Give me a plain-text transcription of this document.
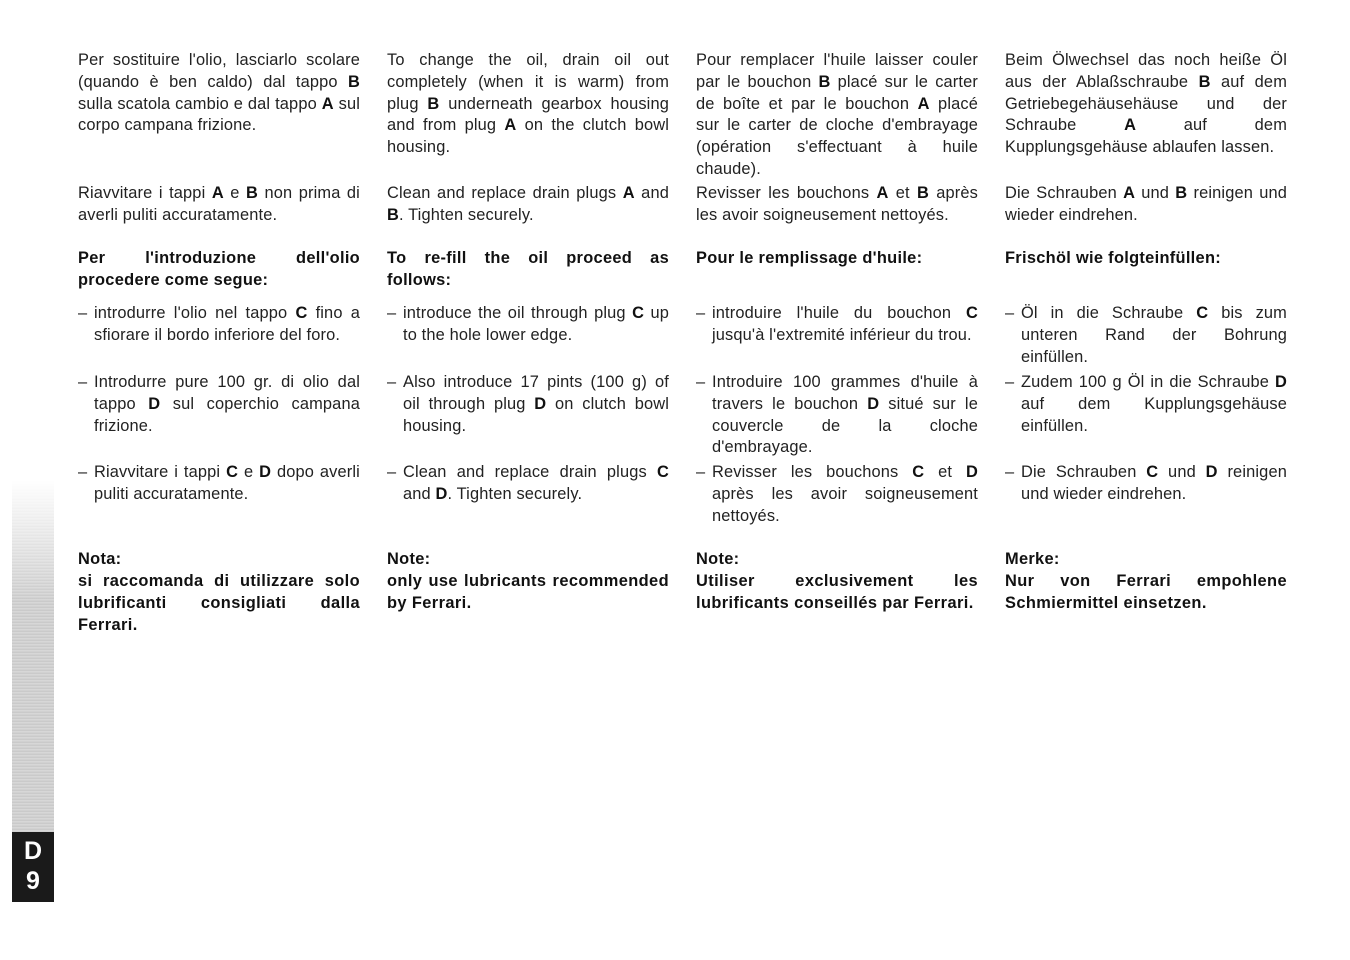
Per sostituire l'olio, lasciarlo scolare (quando è ben caldo) dal tappo B sulla scatola cambio e dal tappo A sul corpo campana frizione.

Riavvitare i tappi A e B non prima di averli puliti accuratamente.

Per l'introduzione dell'olio procedere come segue:

– introdurre l'olio nel tappo C fino a sfiorare il bordo inferiore del foro.

– Introdurre pure 100 gr. di olio dal tappo D sul coperchio campana frizione.

– Riavvitare i tappi C e D dopo averli puliti accuratamente.

Nota:

si raccomanda di utilizzare solo lubrificanti consigliati dalla Ferrari.

To change the oil, drain oil out completely (when it is warm) from plug B underneath gearbox housing and from plug A on the clutch bowl housing.

Clean and replace drain plugs A and B. Tighten securely.

To re-fill the oil proceed as follows:

– introduce the oil through plug C up to the hole lower edge.

– Also introduce 17 pints (100 g) of oil through plug D on clutch bowl housing.

– Clean and replace drain plugs C and D. Tighten securely.

Note:

only use lubricants recommended by Ferrari.

Pour remplacer l'huile laisser couler par le bouchon B placé sur le carter de boîte et par le bouchon A placé sur le carter de cloche d'embrayage (opération s'effectuant à huile chaude).

Revisser les bouchons A et B après les avoir soigneusement nettoyés.

Pour le remplissage d'huile:

– introduire l'huile du bouchon C jusqu'à l'extremité inférieur du trou.

– Introduire 100 grammes d'huile à travers le bouchon D situé sur le couvercle de la cloche d'embrayage.

– Revisser les bouchons C et D après les avoir soigneusement nettoyés.

Note:

Utiliser exclusivement les lubrificants conseillés par Ferrari.

Beim Ölwechsel das noch heiße Öl aus der Ablaßschraube B auf dem Getriebegehäusehäuse und der Schraube A auf dem Kupplungsgehäuse ablaufen lassen.

Die Schrauben A und B reinigen und wieder eindrehen.

Frischöl wie folgteinfüllen:

– Öl in die Schraube C bis zum unteren Rand der Bohrung einfüllen.

– Zudem 100 g Öl in die Schraube D auf dem Kupplungsgehäuse einfüllen.

– Die Schrauben C und D reinigen und wieder eindrehen.

Merke:

Nur von Ferrari empohlene Schmiermittel einsetzen.

D
9
